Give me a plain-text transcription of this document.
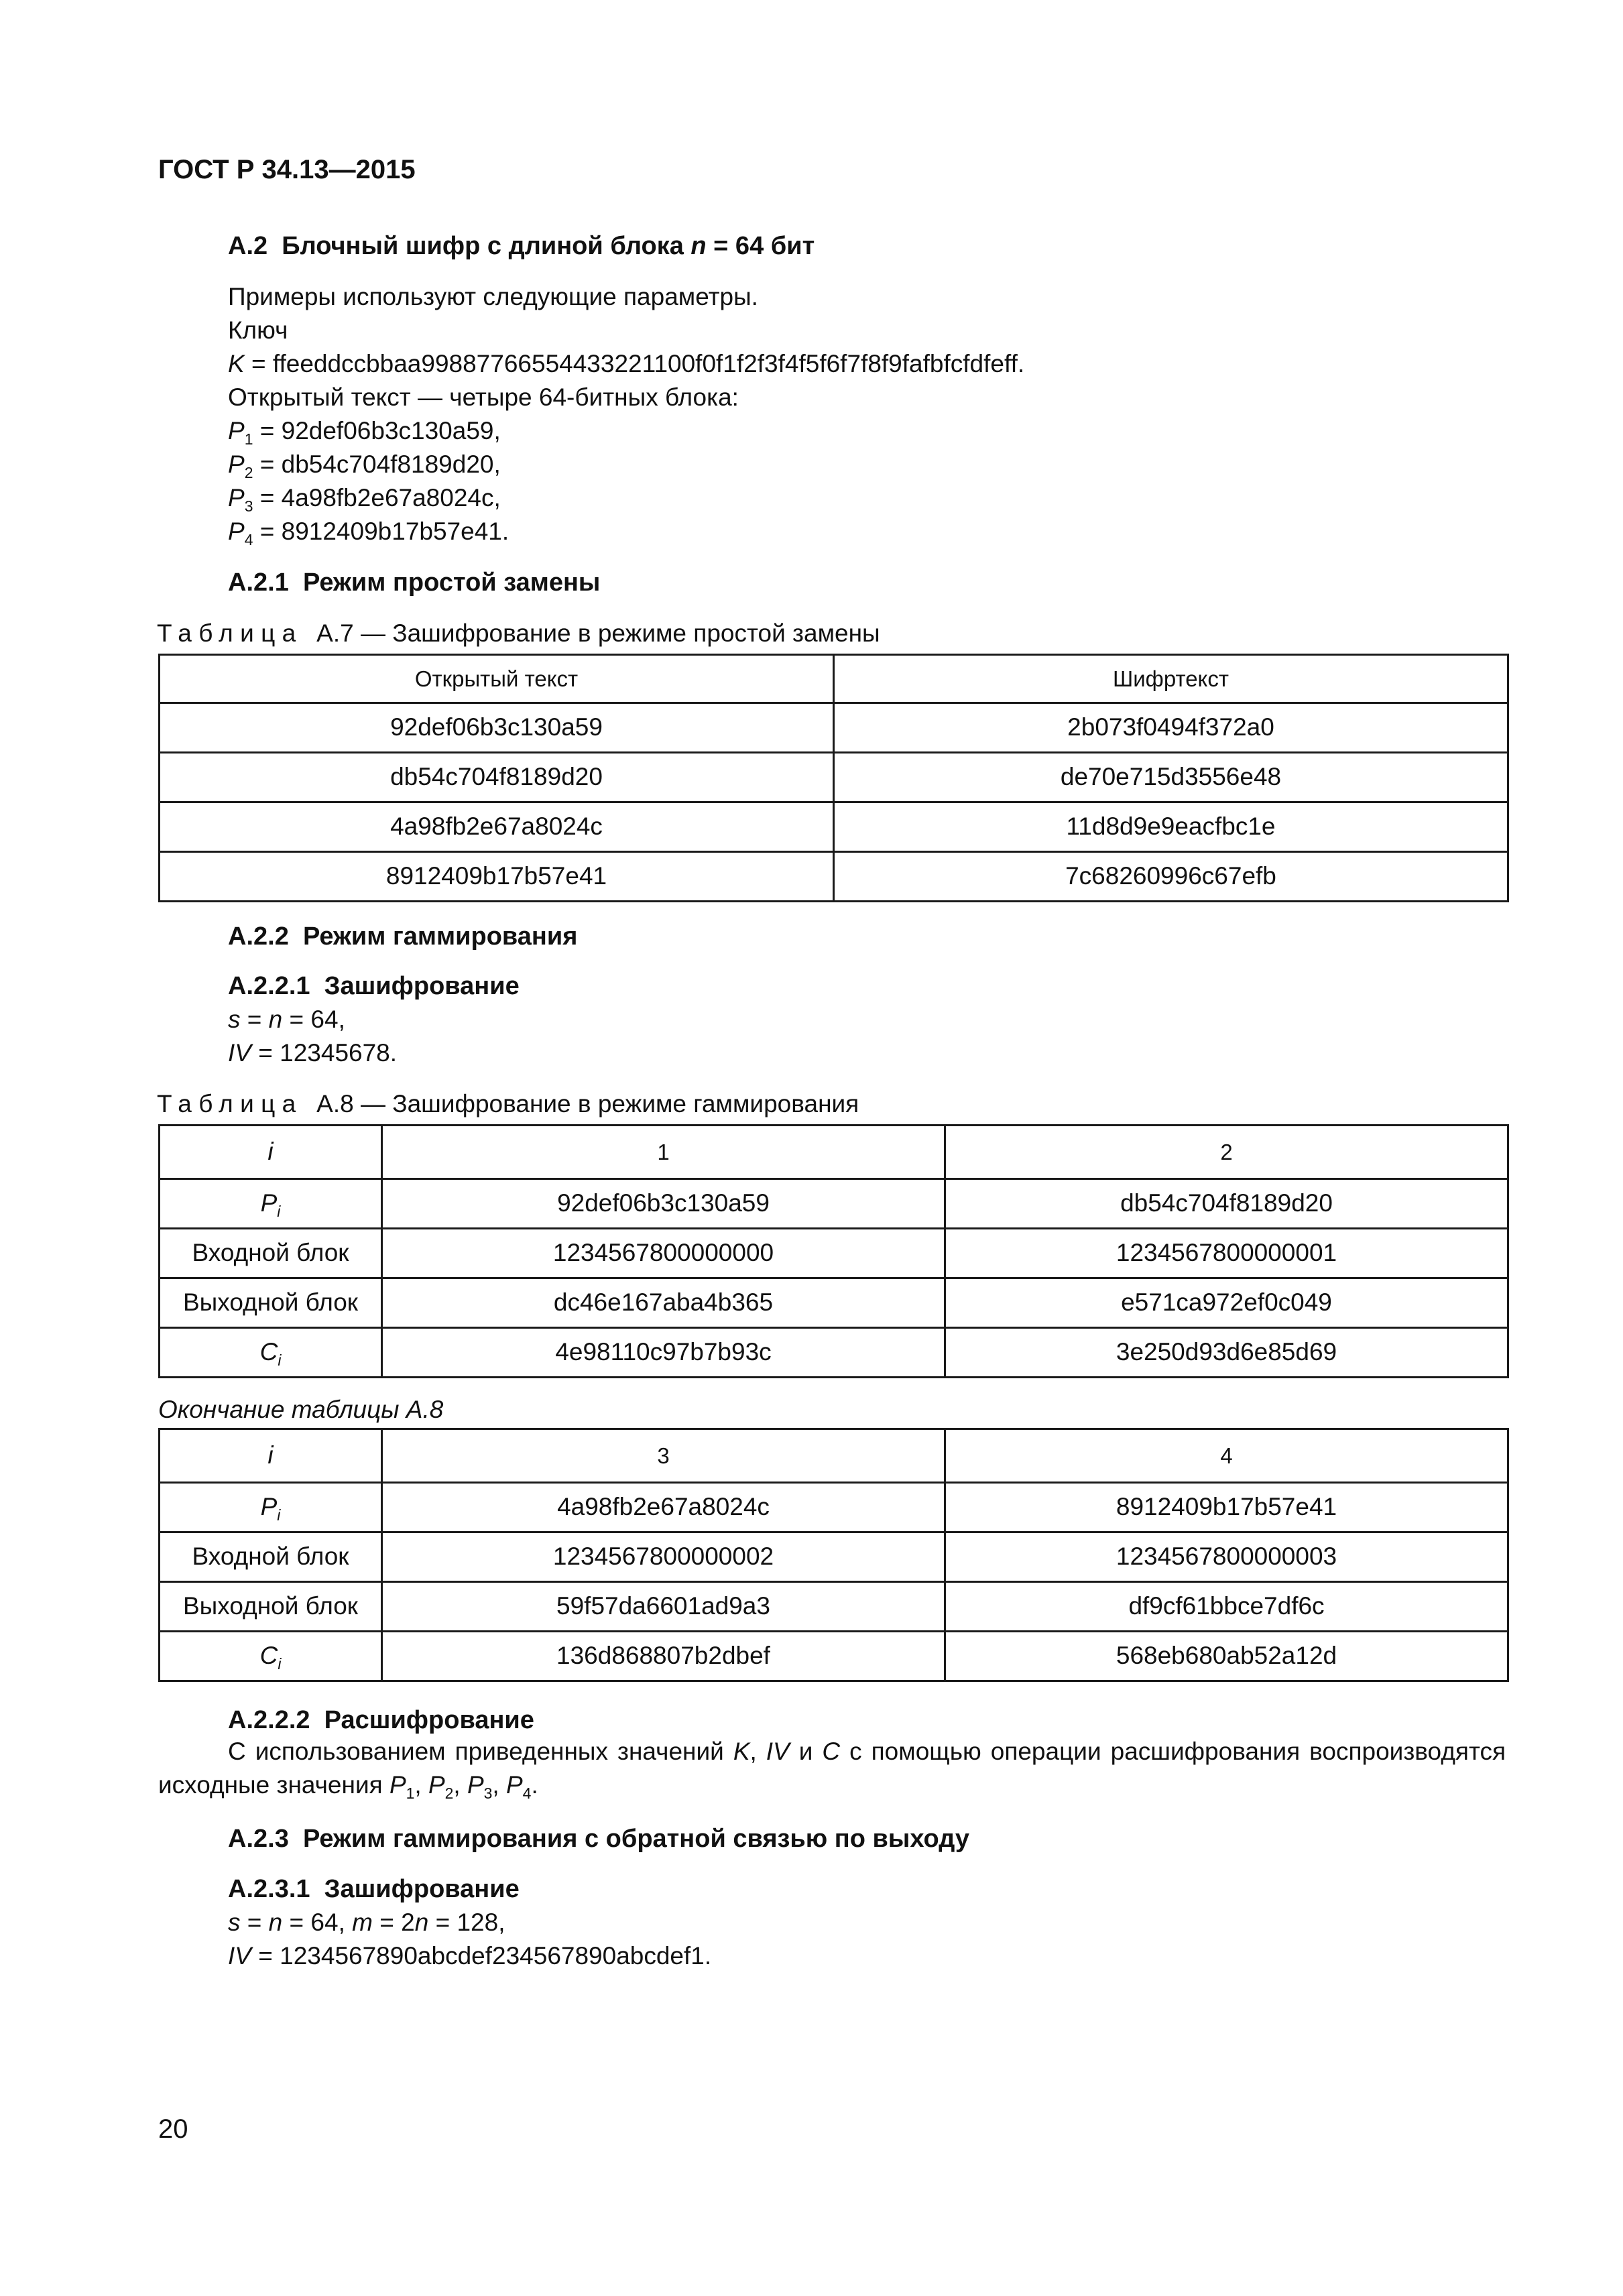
ГОСТ Р 34.13—2015
А.2 Блочный шифр с длиной блока n = 64 бит
Примеры используют следующие параметры.
Ключ
K = ffeeddccbbaa99887766554433221100f0f1f2f3f4f5f6f7f8f9fafbfcfdfeff.
Открытый текст — четыре 64-битных блока:
$P_1 = 92def06b3c130a59$,
$P_2 = db54c704f8189d20$,
$P_3 = 4a98fb2e67a8024c$,
$P_4 = 8912409b17b57e41$.
А.2.1 Режим простой замены
Таблица А.7 — Зашифрование в режиме простой замены
Открытый текст	Шифртекст
92def06b3c130a59	2b073f0494f372a0
db54c704f8189d20	de70e715d3556e48
4a98fb2e67a8024c	11d8d9e9eacfbc1e
8912409b17b57e41	7c68260996c67efb
А.2.2 Режим гаммирования
А.2.2.1 Зашифрование
s = n = 64,
IV = 12345678.
Таблица А.8 — Зашифрование в режиме гаммирования
i	1	2
$P_i$	92def06b3c130a59	db54c704f8189d20
Входной блок	1234567800000000	1234567800000001
Выходной блок	dc46e167aba4b365	e571ca972ef0c049
$C_i$	4e98110c97b7b93c	3e250d93d6e85d69
Окончание таблицы А.8
i	3	4
$P_i$	4a98fb2e67a8024c	8912409b17b57e41
Входной блок	1234567800000002	1234567800000003
Выходной блок	59f57da6601ad9a3	df9cf61bbce7df6c
$C_i$	136d868807b2dbef	568eb680ab52a12d
А.2.2.2 Расшифрование
С использованием приведенных значений K, IV и C с помощью операции расшифрования воспроизводятся исходные значения $P_1$, $P_2$, $P_3$, $P_4$.
А.2.3 Режим гаммирования с обратной связью по выходу
А.2.3.1 Зашифрование
s = n = 64, m = 2n = 128,
IV = 1234567890abcdef234567890abcdef1.
20
